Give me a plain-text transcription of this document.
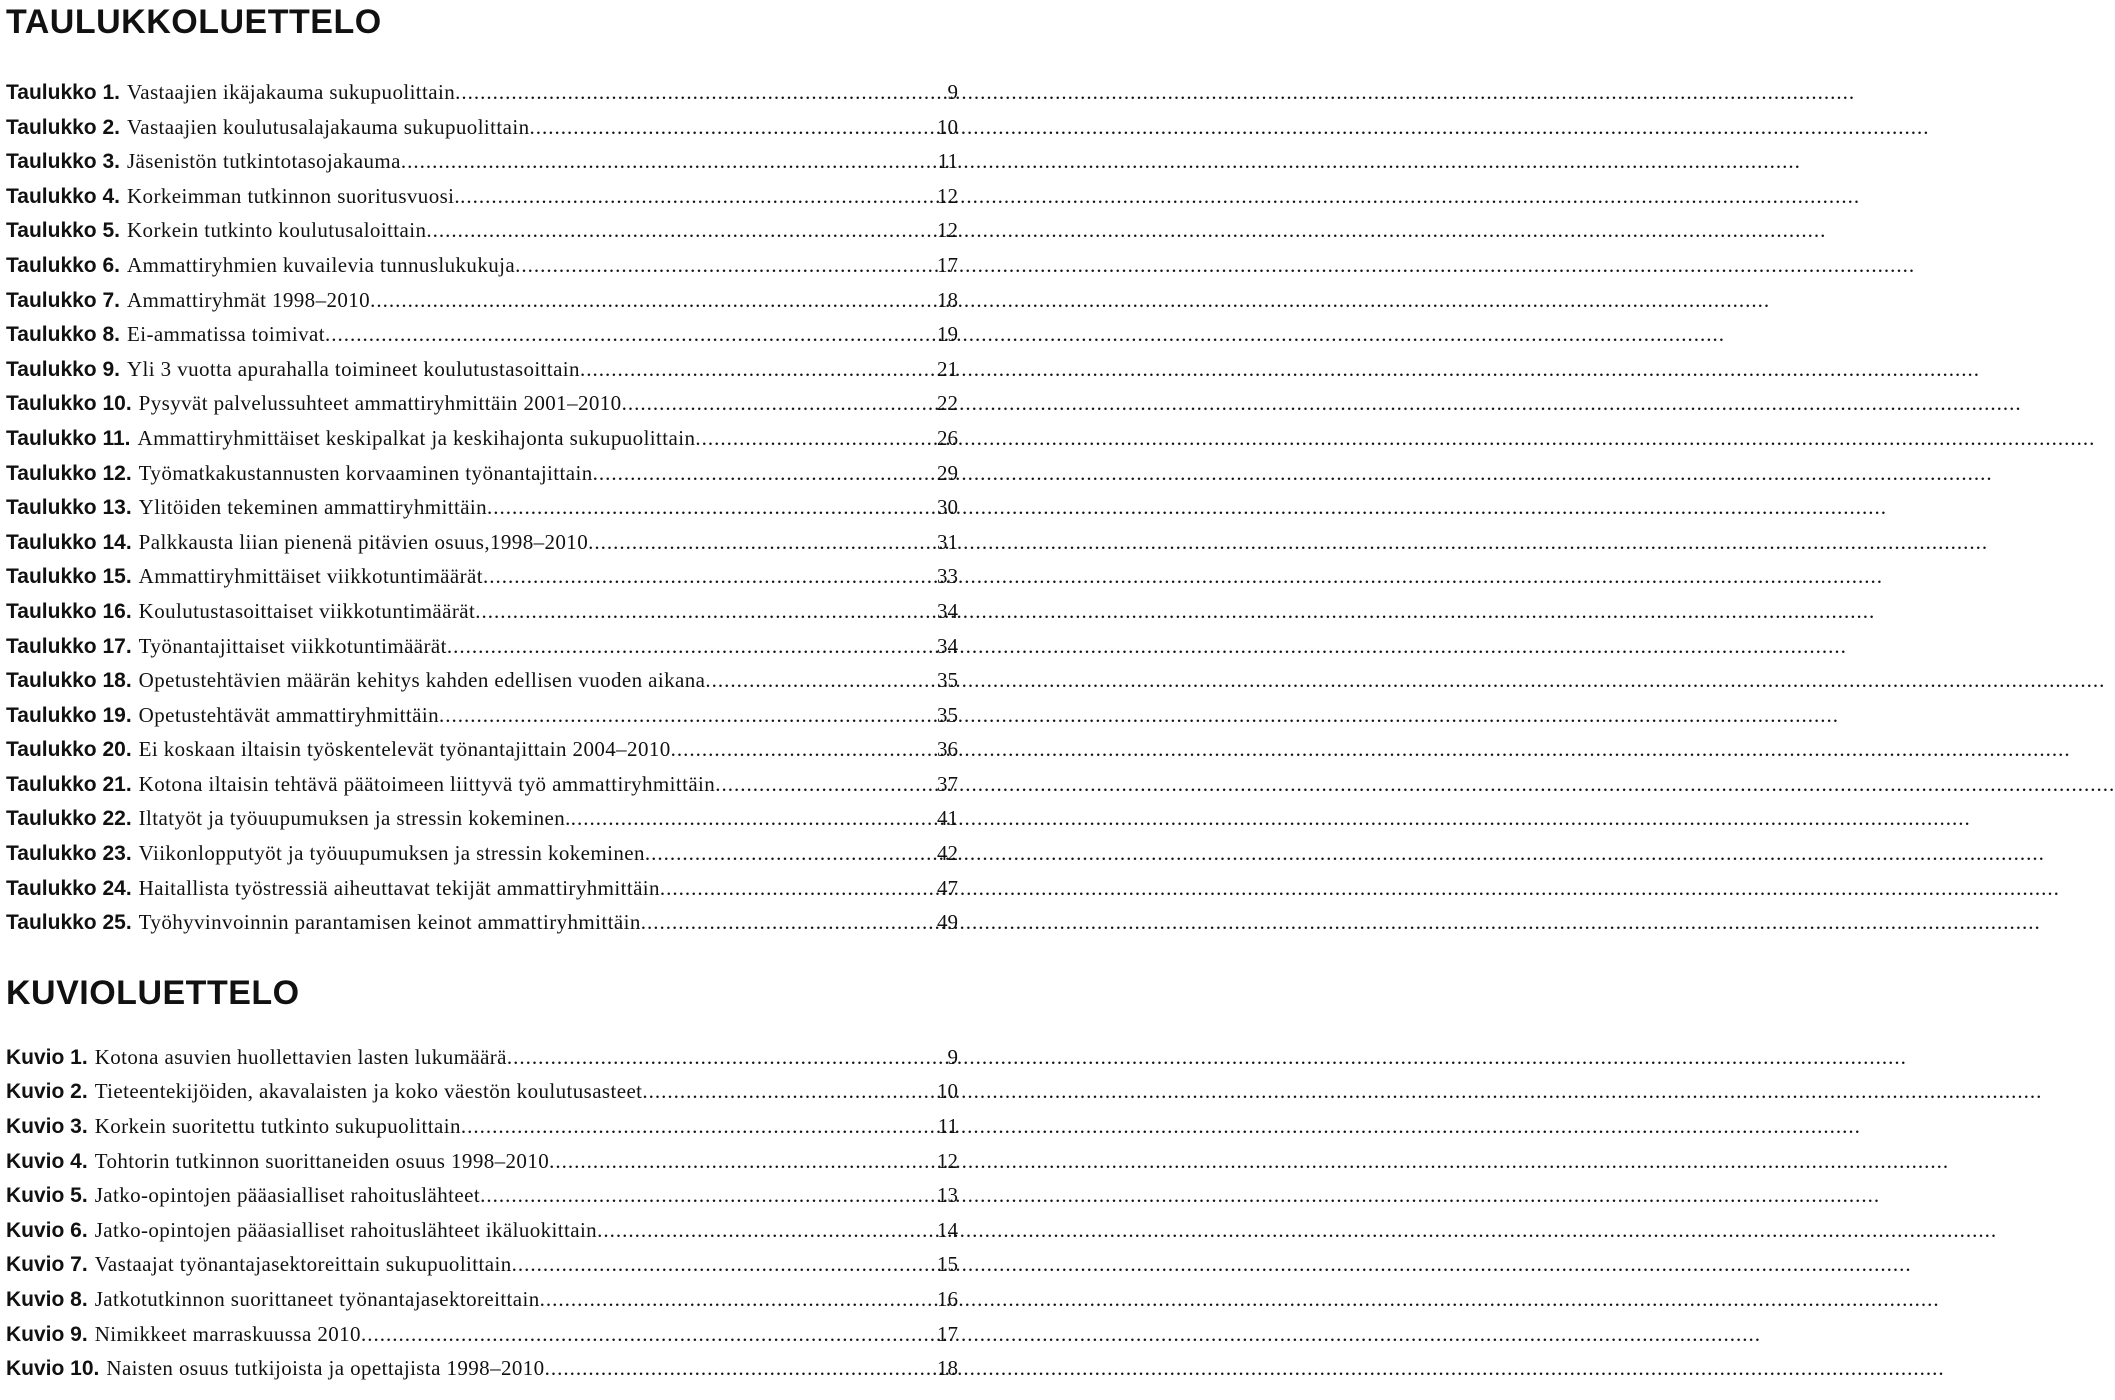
TAULUKKOLUETTELO
Taulukko 1. Vastaajien ikäjakauma sukupuolittain .....	9
Taulukko 2. Vastaajien koulutusalajakauma sukupuolittain .....	10
Taulukko 3. Jäsenistön tutkintotasojakauma .....	11
Taulukko 4. Korkeimman tutkinnon suoritusvuosi. .....	12
Taulukko 5. Korkein tutkinto koulutusaloittain .....	12
Taulukko 6. Ammattiryhmien kuvailevia tunnuslukukuja .....	17
Taulukko 7. Ammattiryhmät 1998–2010 .....	18
Taulukko 8. Ei-ammatissa toimivat .....	19
Taulukko 9. Yli 3 vuotta apurahalla toimineet koulutustasoittain .....	21
Taulukko 10. Pysyvät palvelussuhteet ammattiryhmittäin 2001–2010 .....	22
Taulukko 11. Ammattiryhmittäiset keskipalkat ja keskihajonta sukupuolittain .....	26
Taulukko 12. Työmatkakustannusten korvaaminen työnantajittain .....	29
Taulukko 13. Ylitöiden tekeminen ammattiryhmittäin .....	30
Taulukko 14. Palkkausta liian pienenä pitävien osuus,1998–2010 .....	31
Taulukko 15. Ammattiryhmittäiset viikkotuntimäärät .....	33
Taulukko 16. Koulutustasoittaiset viikkotuntimäärät .....	34
Taulukko 17. Työnantajittaiset viikkotuntimäärät .....	34
Taulukko 18. Opetustehtävien määrän kehitys kahden edellisen vuoden aikana .....	35
Taulukko 19. Opetustehtävät ammattiryhmittäin .....	35
Taulukko 20. Ei koskaan iltaisin työskentelevät työnantajittain 2004–2010 .....	36
Taulukko 21. Kotona iltaisin tehtävä päätoimeen liittyvä työ ammattiryhmittäin .....	37
Taulukko 22. Iltatyöt ja työuupumuksen ja stressin kokeminen. .....	41
Taulukko 23. Viikonlopputyöt ja työuupumuksen ja stressin kokeminen .....	42
Taulukko 24. Haitallista työstressiä aiheuttavat tekijät ammattiryhmittäin .....	47
Taulukko 25. Työhyvinvoinnin parantamisen keinot ammattiryhmittäin .....	49
KUVIOLUETTELO
Kuvio 1. Kotona asuvien huollettavien lasten lukumäärä .....	9
Kuvio 2. Tieteentekijöiden, akavalaisten ja koko väestön koulutusasteet .....	10
Kuvio 3. Korkein suoritettu tutkinto sukupuolittain .....	11
Kuvio 4. Tohtorin tutkinnon suorittaneiden osuus 1998–2010 .....	12
Kuvio 5. Jatko-opintojen pääasialliset rahoituslähteet .....	13
Kuvio 6. Jatko-opintojen pääasialliset rahoituslähteet ikäluokittain .....	14
Kuvio 7. Vastaajat työnantajasektoreittain sukupuolittain .....	15
Kuvio 8. Jatkotutkinnon suorittaneet työnantajasektoreittain .....	16
Kuvio 9. Nimikkeet marraskuussa 2010 .....	17
Kuvio 10. Naisten osuus tutkijoista ja opettajista 1998–2010 .....	18
